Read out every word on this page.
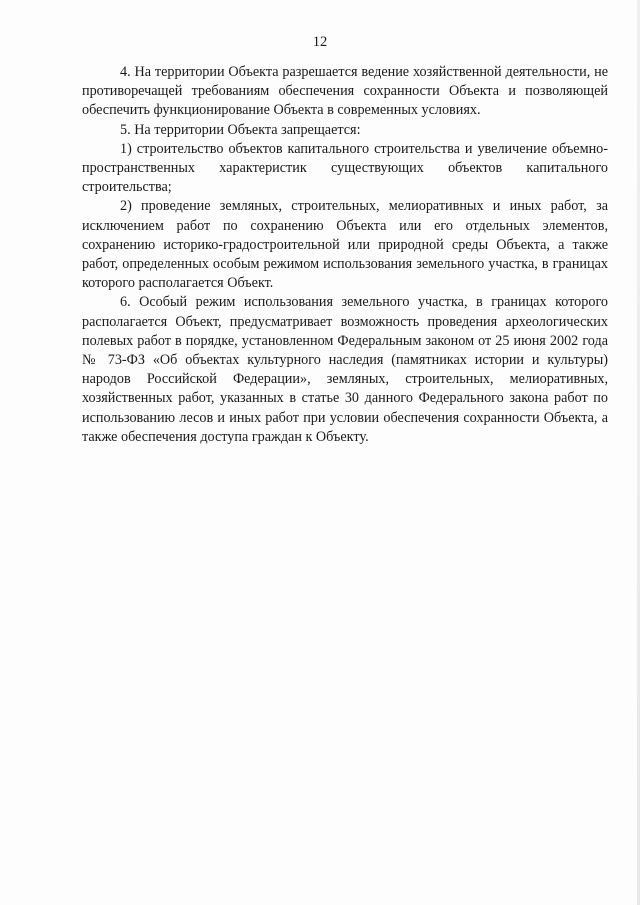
12

4. На территории Объекта разрешается ведение хозяйственной деятельности, не противоречащей требованиям обеспечения сохранности Объекта и позволяющей обеспечить функционирование Объекта в современных условиях.

5. На территории Объекта запрещается:

1) строительство объектов капитального строительства и увеличение объемно-пространственных характеристик существующих объектов капитального строительства;

2) проведение земляных, строительных, мелиоративных и иных работ, за исключением работ по сохранению Объекта или его отдельных элементов, сохранению историко-градостроительной или природной среды Объекта, а также работ, определенных особым режимом использования земельного участка, в границах которого располагается Объект.

6. Особый режим использования земельного участка, в границах которого располагается Объект, предусматривает возможность проведения археологических полевых работ в порядке, установленном Федеральным законом от 25 июня 2002 года № 73-ФЗ «Об объектах культурного наследия (памятниках истории и культуры) народов Российской Федерации», земляных, строительных, мелиоративных, хозяйственных работ, указанных в статье 30 данного Федерального закона работ по использованию лесов и иных работ при условии обеспечения сохранности Объекта, а также обеспечения доступа граждан к Объекту.
